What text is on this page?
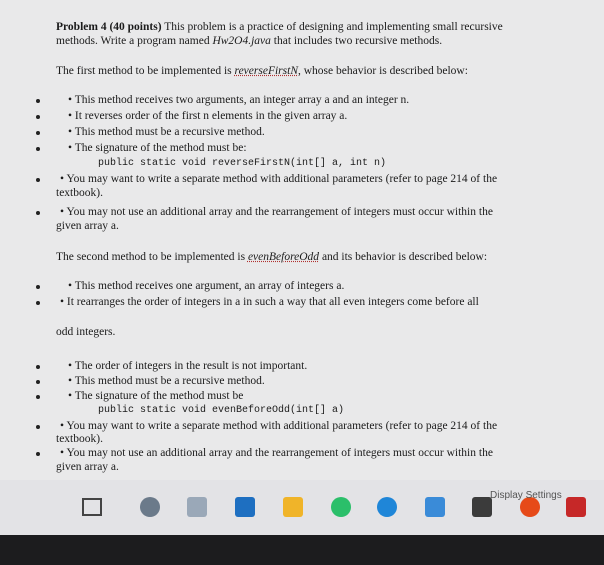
Problem 4 (40 points) This problem is a practice of designing and implementing small recursive
methods. Write a program named Hw2O4.java that includes two recursive methods.
The first method to be implemented is reverseFirstN, whose behavior is described below:
• This method receives two arguments, an integer array a and an integer n.
• It reverses order of the first n elements in the given array a.
• This method must be a recursive method.
• The signature of the method must be:
public static void reverseFirstN(int[] a, int n)
• You may want to write a separate method with additional parameters (refer to page 214 of the
textbook).
• You may not use an additional array and the rearrangement of integers must occur within the
given array a.
The second method to be implemented is evenBeforeOdd and its behavior is described below:
• This method receives one argument, an array of integers a.
• It rearranges the order of integers in a in such a way that all even integers come before all
odd integers.
• The order of integers in the result is not important.
• This method must be a recursive method.
• The signature of the method must be
public static void evenBeforeOdd(int[] a)
• You may want to write a separate method with additional parameters (refer to page 214 of the
textbook).
• You may not use an additional array and the rearrangement of integers must occur within the
given array a.
Display Settings
